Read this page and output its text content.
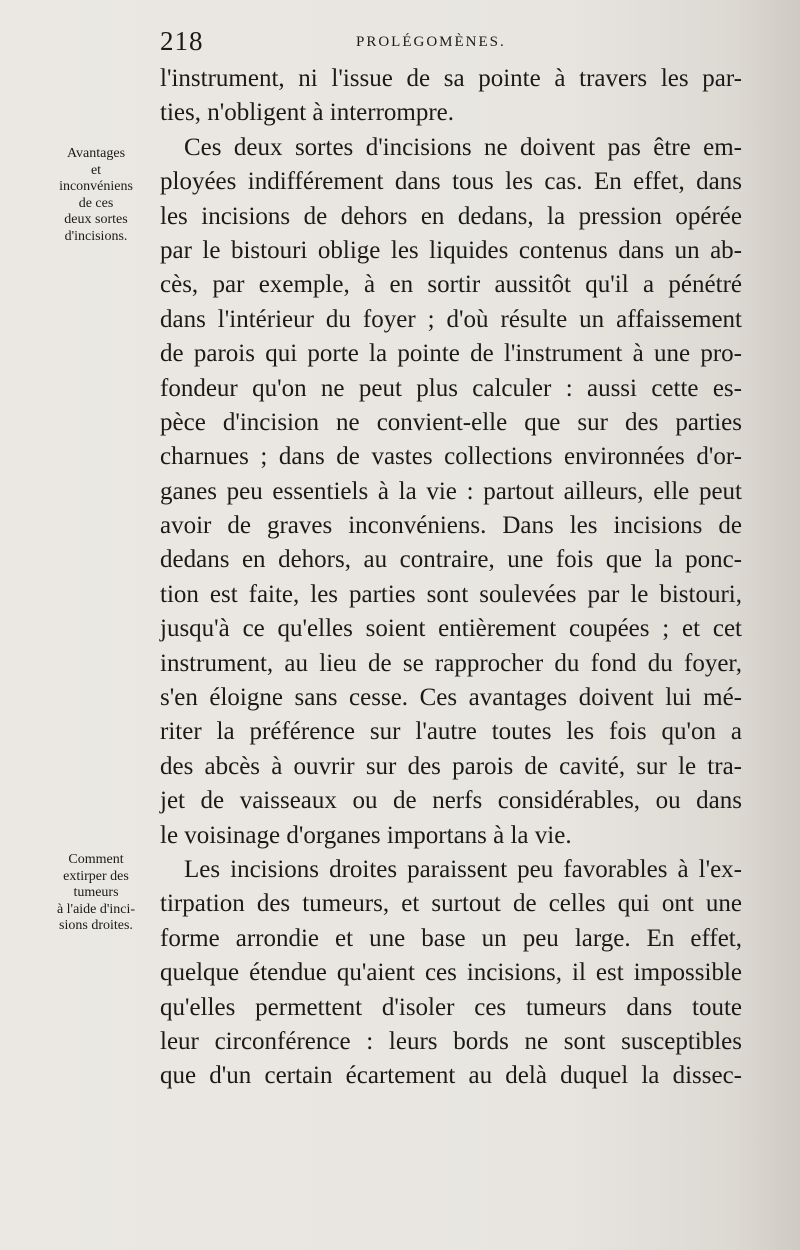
218	PROLÉGOMÈNES.
Avantages
et
inconvéniens
de ces
deux sortes
d'incisions.
Comment
extirper des
tumeurs
à l'aide d'inci-
sions droites.
l'instrument, ni l'issue de sa pointe à travers les par-
ties, n'obligent à interrompre.
Ces deux sortes d'incisions ne doivent pas être em-
ployées indifférement dans tous les cas. En effet, dans
les incisions de dehors en dedans, la pression opérée
par le bistouri oblige les liquides contenus dans un ab-
cès, par exemple, à en sortir aussitôt qu'il a pénétré
dans l'intérieur du foyer ; d'où résulte un affaissement
de parois qui porte la pointe de l'instrument à une pro-
fondeur qu'on ne peut plus calculer : aussi cette es-
pèce d'incision ne convient-elle que sur des parties
charnues ; dans de vastes collections environnées d'or-
ganes peu essentiels à la vie : partout ailleurs, elle peut
avoir de graves inconvéniens. Dans les incisions de
dedans en dehors, au contraire, une fois que la ponc-
tion est faite, les parties sont soulevées par le bistouri,
jusqu'à ce qu'elles soient entièrement coupées ; et cet
instrument, au lieu de se rapprocher du fond du foyer,
s'en éloigne sans cesse. Ces avantages doivent lui mé-
riter la préférence sur l'autre toutes les fois qu'on a
des abcès à ouvrir sur des parois de cavité, sur le tra-
jet de vaisseaux ou de nerfs considérables, ou dans
le voisinage d'organes importans à la vie.
Les incisions droites paraissent peu favorables à l'ex-
tirpation des tumeurs, et surtout de celles qui ont une
forme arrondie et une base un peu large. En effet,
quelque étendue qu'aient ces incisions, il est impossible
qu'elles permettent d'isoler ces tumeurs dans toute
leur circonférence : leurs bords ne sont susceptibles
que d'un certain écartement au delà duquel la dissec-
